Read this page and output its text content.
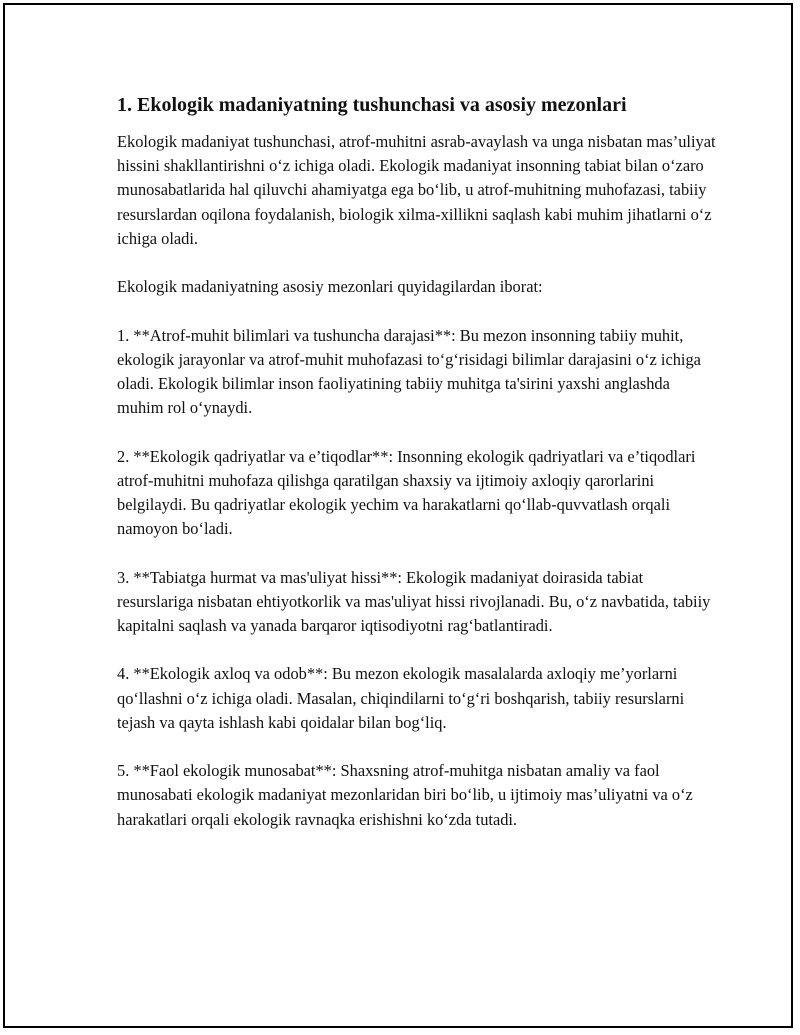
1. Ekologik madaniyatning tushunchasi va asosiy mezonlari

Ekologik madaniyat tushunchasi, atrof-muhitni asrab-avaylash va unga nisbatan mas’uliyat hissini shakllantirishni o‘z ichiga oladi. Ekologik madaniyat insonning tabiat bilan o‘zaro munosabatlarida hal qiluvchi ahamiyatga ega bo‘lib, u atrof-muhitning muhofazasi, tabiiy resurslardan oqilona foydalanish, biologik xilma-xillikni saqlash kabi muhim jihatlarni o‘z ichiga oladi.

Ekologik madaniyatning asosiy mezonlari quyidagilardan iborat:

1. **Atrof-muhit bilimlari va tushuncha darajasi**: Bu mezon insonning tabiiy muhit, ekologik jarayonlar va atrof-muhit muhofazasi to‘g‘risidagi bilimlar darajasini o‘z ichiga oladi. Ekologik bilimlar inson faoliyatining tabiiy muhitga ta'sirini yaxshi anglashda muhim rol o‘ynaydi.

2. **Ekologik qadriyatlar va e’tiqodlar**: Insonning ekologik qadriyatlari va e’tiqodlari atrof-muhitni muhofaza qilishga qaratilgan shaxsiy va ijtimoiy axloqiy qarorlarini belgilaydi. Bu qadriyatlar ekologik yechim va harakatlarni qo‘llab-quvvatlash orqali namoyon bo‘ladi.

3. **Tabiatga hurmat va mas'uliyat hissi**: Ekologik madaniyat doirasida tabiat resurslariga nisbatan ehtiyotkorlik va mas'uliyat hissi rivojlanadi. Bu, o‘z navbatida, tabiiy kapitalni saqlash va yanada barqaror iqtisodiyotni rag‘batlantiradi.

4. **Ekologik axloq va odob**: Bu mezon ekologik masalalarda axloqiy me’yorlarni qo‘llashni o‘z ichiga oladi. Masalan, chiqindilarni to‘g‘ri boshqarish, tabiiy resurslarni tejash va qayta ishlash kabi qoidalar bilan bog‘liq.

5. **Faol ekologik munosabat**: Shaxsning atrof-muhitga nisbatan amaliy va faol munosabati ekologik madaniyat mezonlaridan biri bo‘lib, u ijtimoiy mas’uliyatni va o‘z harakatlari orqali ekologik ravnaqka erishishni ko‘zda tutadi.
